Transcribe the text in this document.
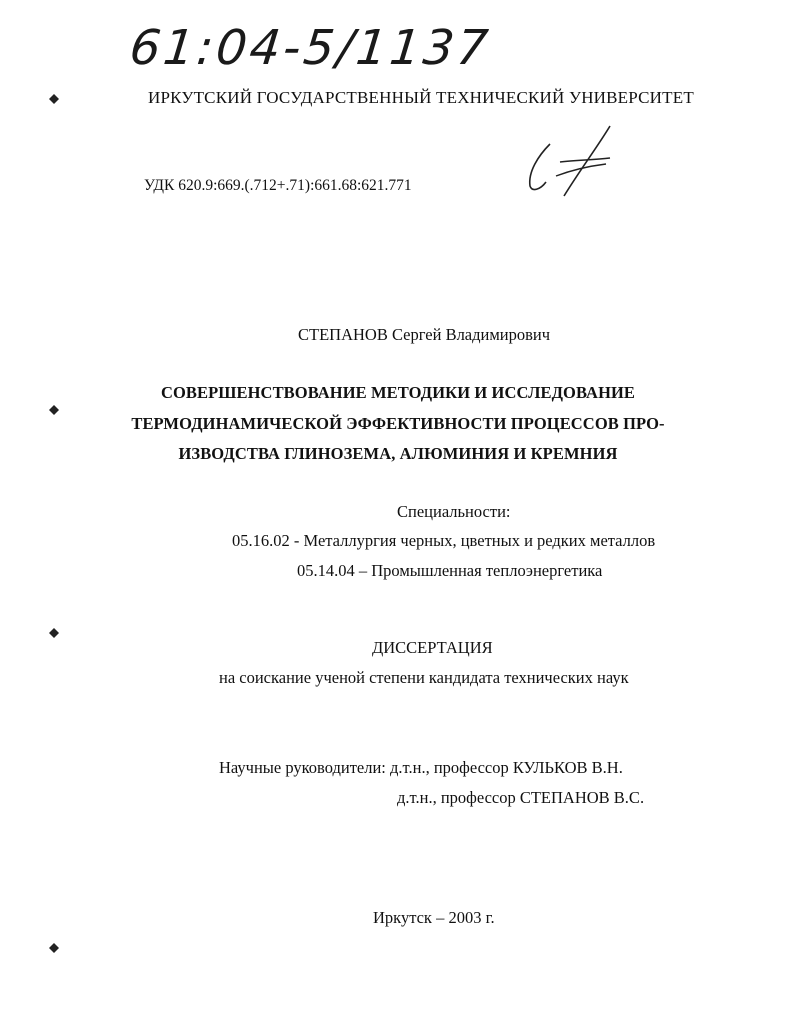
61:04-5/1137
ИРКУТСКИЙ ГОСУДАРСТВЕННЫЙ ТЕХНИЧЕСКИЙ УНИВЕРСИТЕТ
УДК 620.9:669.(.712+.71):661.68:621.771
СТЕПАНОВ Сергей Владимирович
СОВЕРШЕНСТВОВАНИЕ МЕТОДИКИ И ИССЛЕДОВАНИЕ
ТЕРМОДИНАМИЧЕСКОЙ ЭФФЕКТИВНОСТИ ПРОЦЕССОВ ПРО-
ИЗВОДСТВА ГЛИНОЗЕМА, АЛЮМИНИЯ И КРЕМНИЯ
Специальности:
05.16.02 - Металлургия черных, цветных и редких металлов
05.14.04 – Промышленная теплоэнергетика
ДИССЕРТАЦИЯ
на соискание ученой степени кандидата технических наук
Научные руководители: д.т.н., профессор КУЛЬКОВ В.Н.
д.т.н., профессор СТЕПАНОВ В.С.
Иркутск – 2003 г.
